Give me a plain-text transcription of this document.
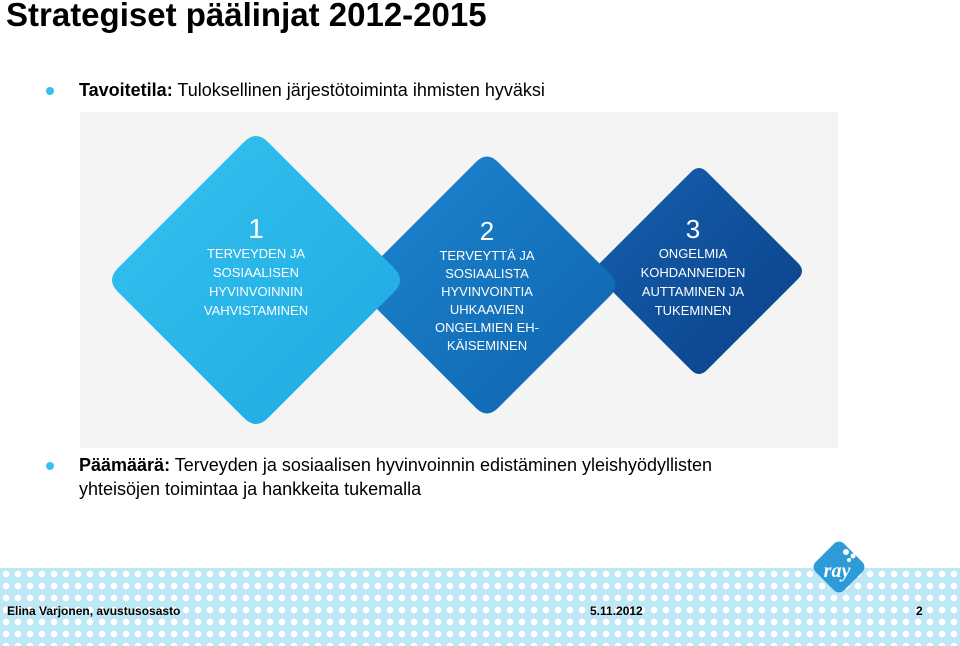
Strategiset päälinjat 2012-2015
Tavoitetila: Tuloksellinen järjestötoiminta ihmisten hyväksi
1
TERVEYDEN JA
SOSIAALISEN
HYVINVOINNIN
VAHVISTAMINEN
2
TERVEYTTÄ JA
SOSIAALISTA
HYVINVOINTIA
UHKAAVIEN
ONGELMIEN EH-
KÄISEMINEN
3
ONGELMIA
KOHDANNEIDEN
AUTTAMINEN JA
TUKEMINEN
Päämäärä: Terveyden ja sosiaalisen hyvinvoinnin edistäminen yleishyödyllisten
yhteisöjen toimintaa ja hankkeita tukemalla
ray
Elina Varjonen, avustusosasto	5.11.2012	2
